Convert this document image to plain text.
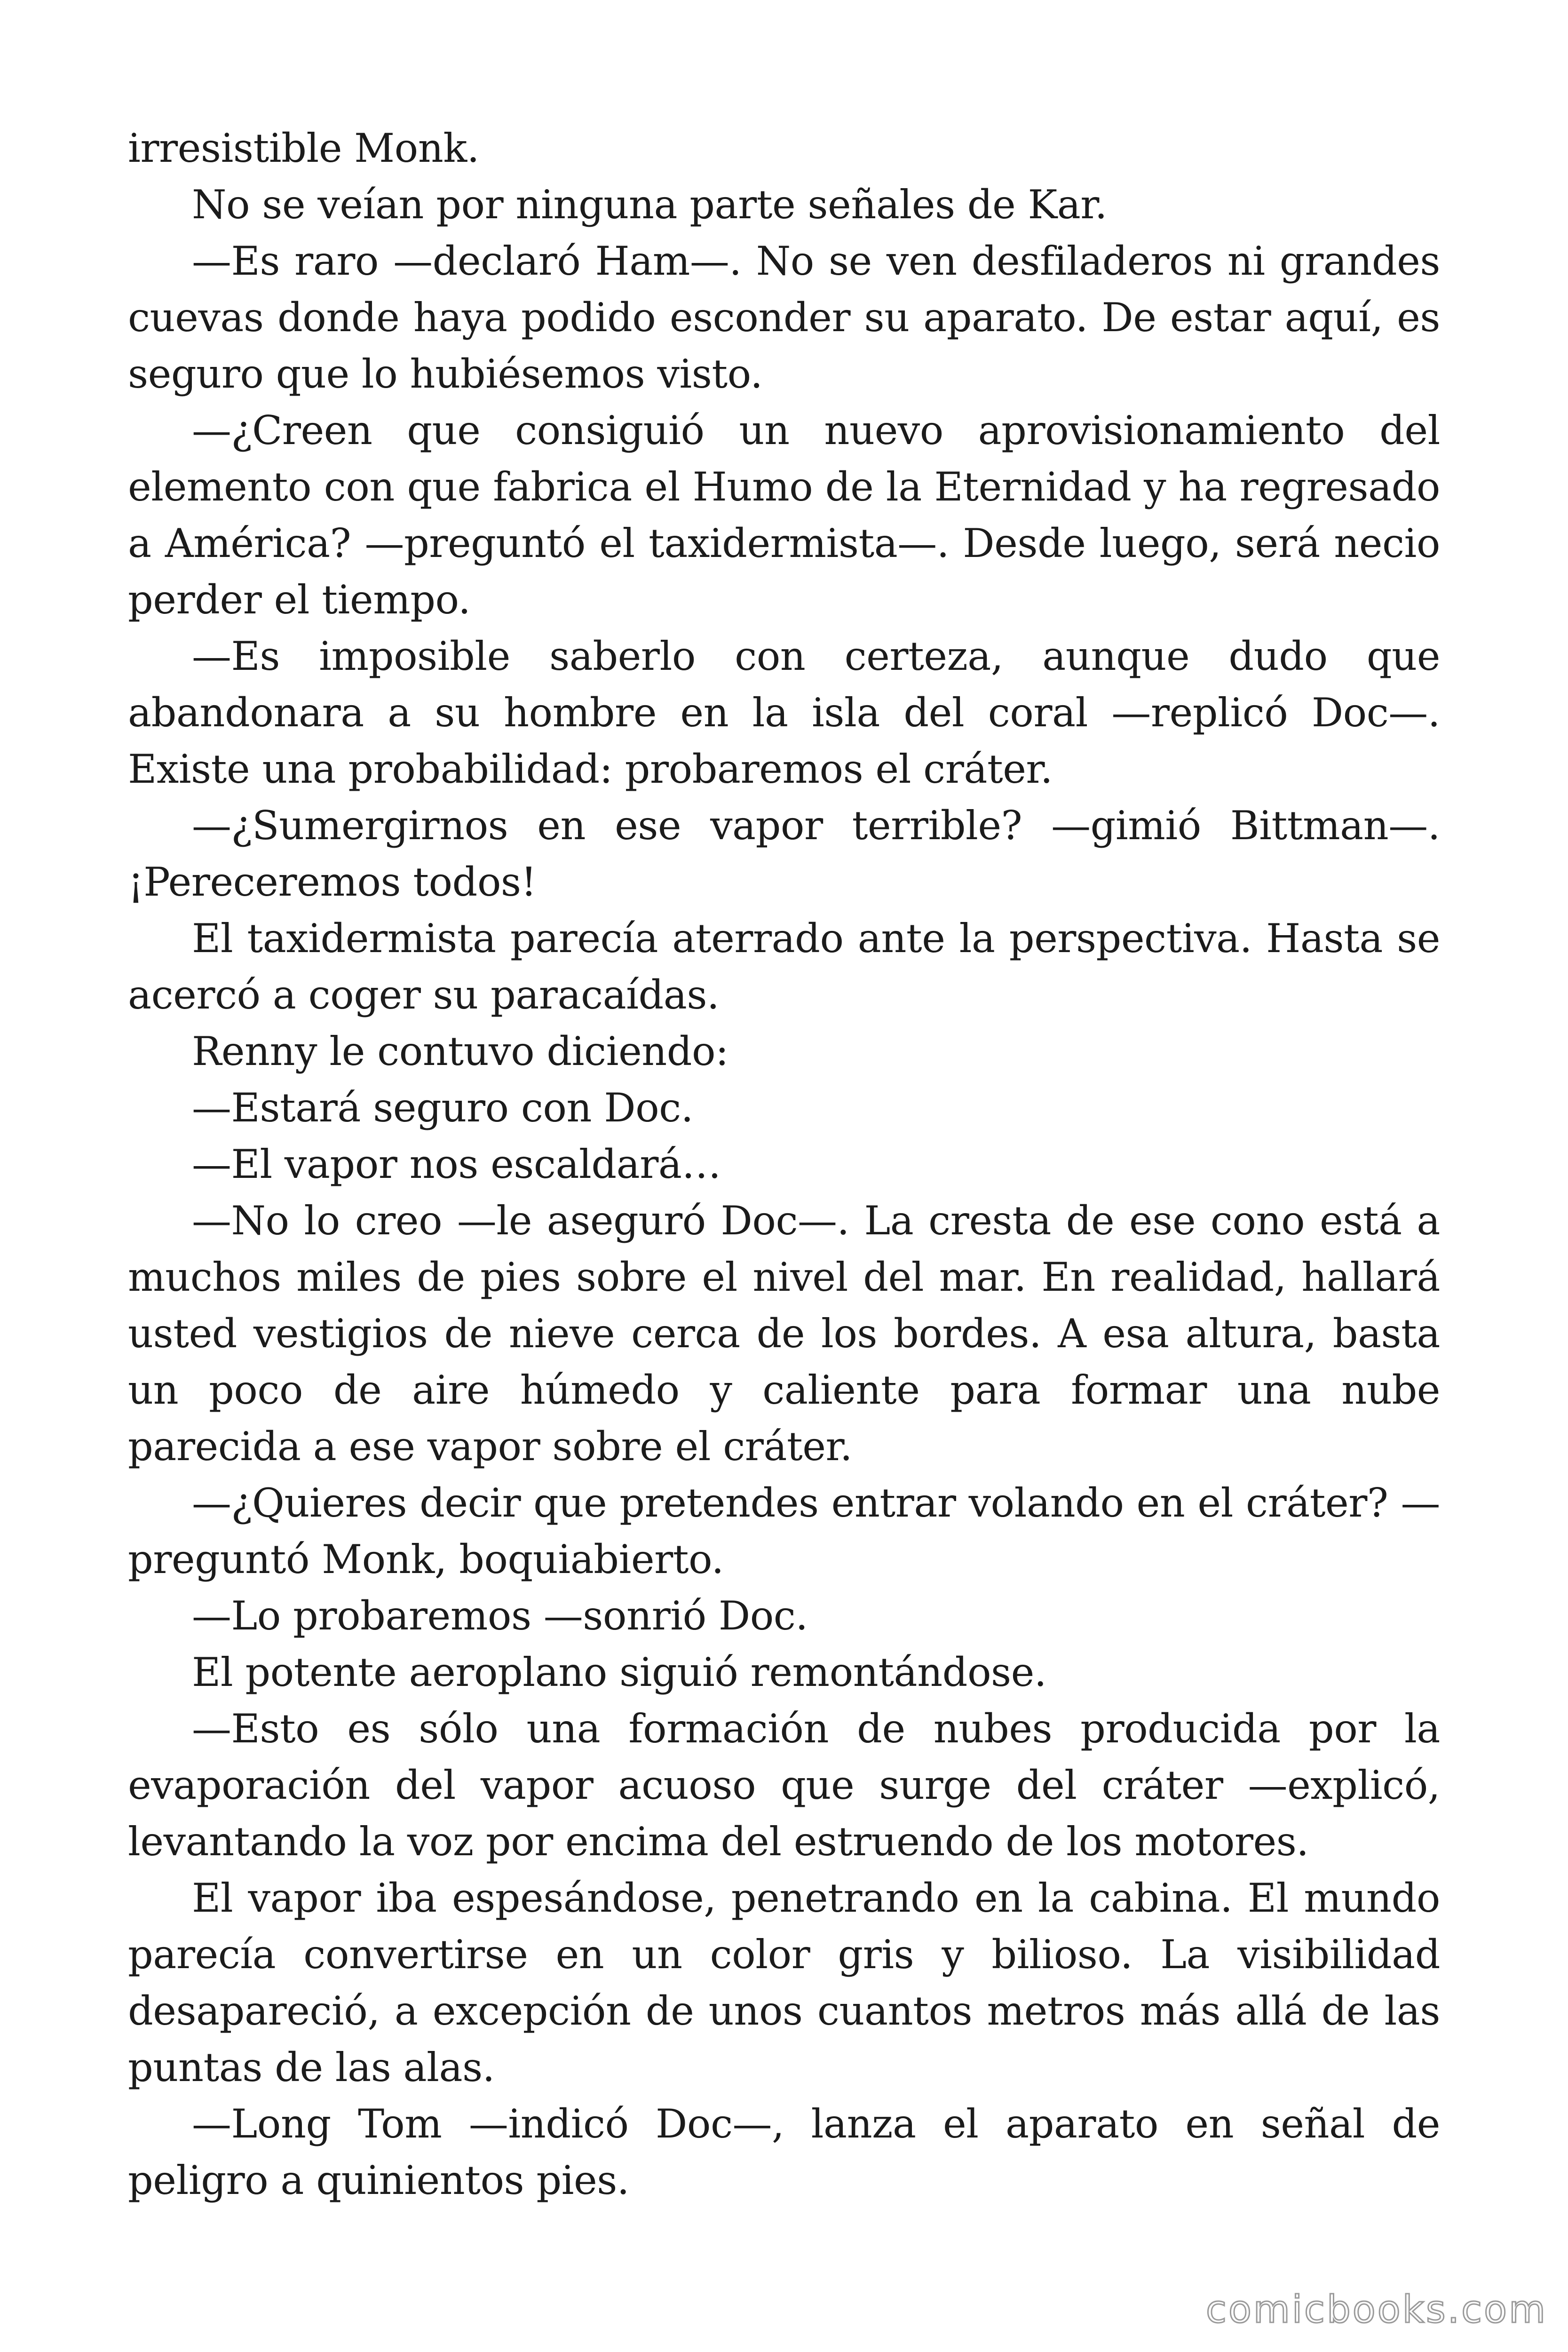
irresistible Monk.

No se veían por ninguna parte señales de Kar.

—Es raro —declaró Ham—. No se ven desfiladeros ni grandes cuevas donde haya podido esconder su aparato. De estar aquí, es seguro que lo hubiésemos visto.

—¿Creen que consiguió un nuevo aprovisionamiento del elemento con que fabrica el Humo de la Eternidad y ha regresado a América? —preguntó el taxidermista—. Desde luego, será necio perder el tiempo.

—Es imposible saberlo con certeza, aunque dudo que abandonara a su hombre en la isla del coral —replicó Doc—. Existe una probabilidad: probaremos el cráter.

—¿Sumergirnos en ese vapor terrible? —gimió Bittman—. ¡Pereceremos todos!

El taxidermista parecía aterrado ante la perspectiva. Hasta se acercó a coger su paracaídas.

Renny le contuvo diciendo:

—Estará seguro con Doc.

—El vapor nos escaldará…

—No lo creo —le aseguró Doc—. La cresta de ese cono está a muchos miles de pies sobre el nivel del mar. En realidad, hallará usted vestigios de nieve cerca de los bordes. A esa altura, basta un poco de aire húmedo y caliente para formar una nube parecida a ese vapor sobre el cráter.

—¿Quieres decir que pretendes entrar volando en el cráter? —preguntó Monk, boquiabierto.

—Lo probaremos —sonrió Doc.

El potente aeroplano siguió remontándose.

—Esto es sólo una formación de nubes producida por la evaporación del vapor acuoso que surge del cráter —explicó, levantando la voz por encima del estruendo de los motores.

El vapor iba espesándose, penetrando en la cabina. El mundo parecía convertirse en un color gris y bilioso. La visibilidad desapareció, a excepción de unos cuantos metros más allá de las puntas de las alas.

—Long Tom —indicó Doc—, lanza el aparato en señal de peligro a quinientos pies.

comicbooks.com
